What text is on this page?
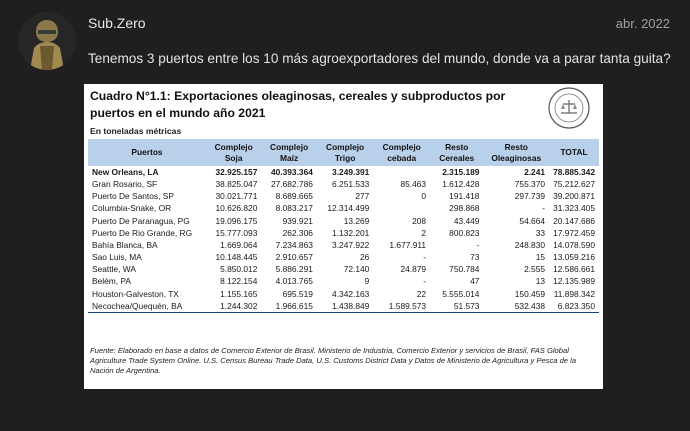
Sub.Zero	abr. 2022
Tenemos 3 puertos entre los 10 más agroexportadores del mundo, donde va a parar tanta guita?
Cuadro N°1.1: Exportaciones oleaginosas, cereales y subproductos por puertos en el mundo año 2021
En toneladas métricas
Puertos	Complejo Soja	Complejo Maíz	Complejo Trigo	Complejo cebada	Resto Cereales	Resto Oleaginosas	TOTAL
New Orleans, LA	32.925.157	40.393.364	3.249.391		2.315.189	2.241	78.885.342
Gran Rosario, SF	38.825.047	27.682.786	6.251.533	85.463	1.612.428	755.370	75.212.627
Puerto De Santos, SP	30.021.771	8.689.665	277	0	191.418	297.739	39.200.871
Columbia-Snake, OR	10.626.820	8.083.217	12.314.499		298.868	-	31.323.405
Puerto De Paranagua, PG	19.096.175	939.921	13.269	208	43.449	54.664	20.147.686
Puerto De Rio Grande, RG	15.777.093	262.306	1.132.201	2	800.823	33	17.972.459
Bahía Blanca, BA	1.669.064	7.234.863	3.247.922	1.677.911	-	248.830	14.078.590
Sao Luis, MA	10.148.445	2.910.657	26	-	73	15	13.059.216
Seattle, WA	5.850.012	5.886.291	72.140	24.879	750.784	2.555	12.586.661
Belém, PA	8.122.154	4.013.765	9	-	47	13	12.135.989
Houston-Galveston, TX	1.155.165	695.519	4.342.163	22	5.555.014	150.459	11.898.342
Necochea/Quequén, BA	1.244.302	1.966.615	1.438.849	1.589.573	51.573	532.438	6.823.350
Fuente: Elaborado en base a datos de Comercio Exterior de Brasil. Ministerio de Industria, Comercio Exterior y servicios de Brasil, FAS Global Agriculture Trade System Online. U.S. Census Bureau Trade Data, U.S. Customs District Data y Datos de Ministerio de Agricultura y Pesca de la Nación de Argentina.
